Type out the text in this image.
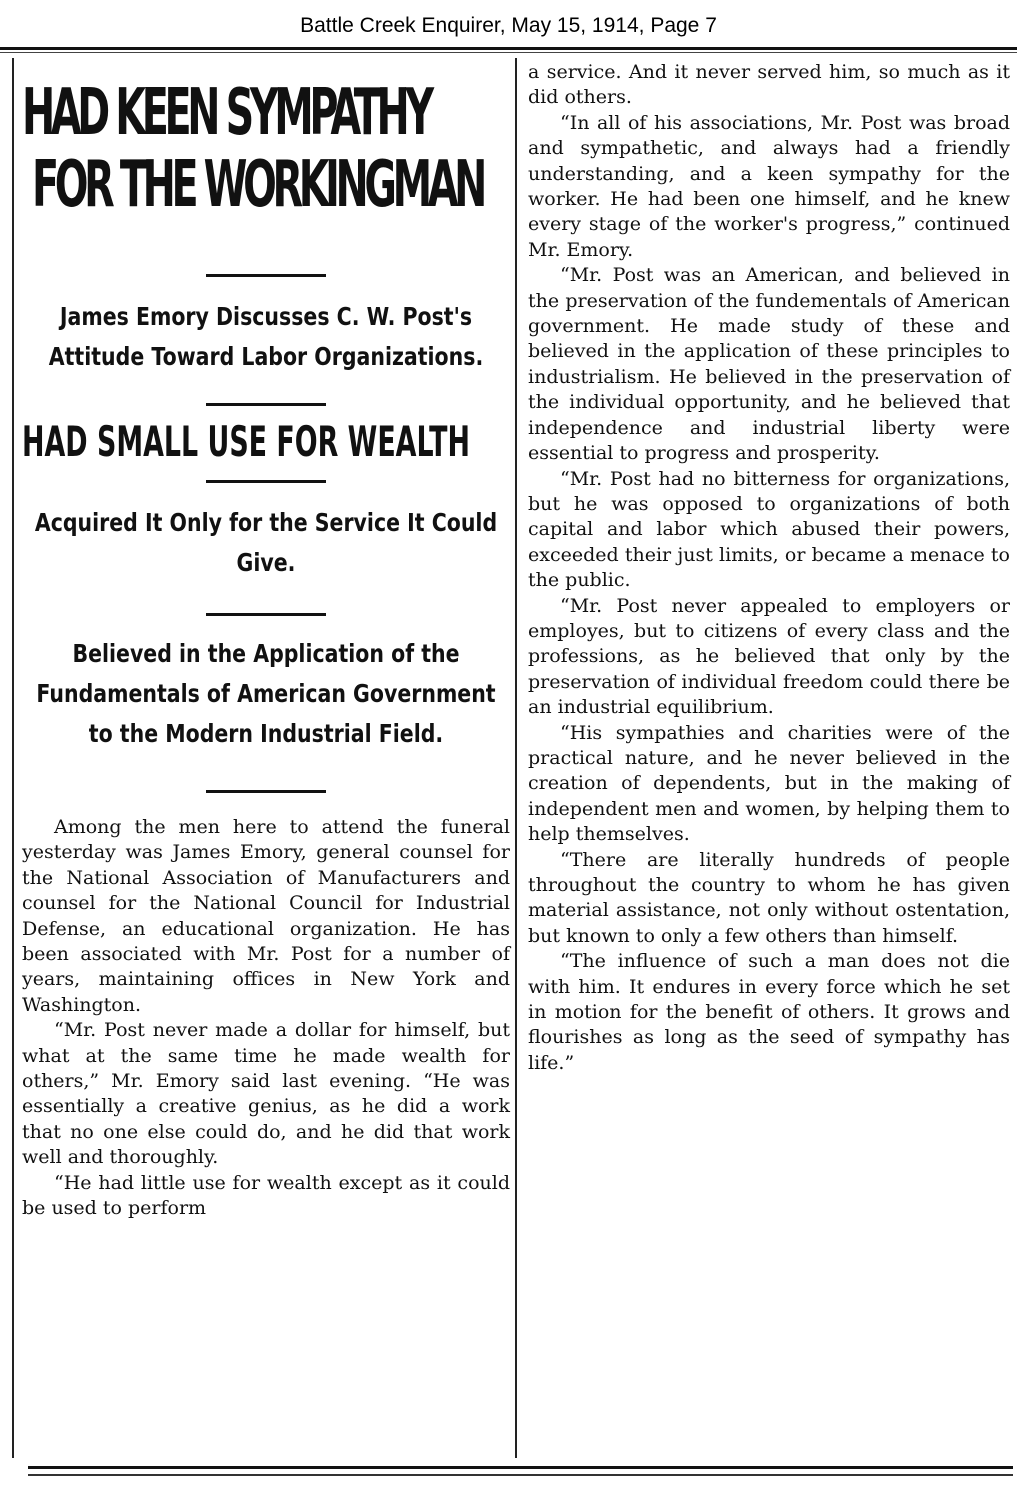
Battle Creek Enquirer, May 15, 1914, Page 7
HAD KEEN SYMPATHY
FOR THE WORKINGMAN
James Emory Discusses C. W. Post's Attitude Toward Labor Organizations.
HAD SMALL USE FOR WEALTH
Acquired It Only for the Service It Could Give.
Believed in the Application of the Fundamentals of American Government to the Modern Industrial Field.

Among the men here to attend the funeral yesterday was James Emory, general counsel for the National Association of Manufacturers and counsel for the National Council for Industrial Defense, an educational organization. He has been associated with Mr. Post for a number of years, maintaining offices in New York and Washington.

“Mr. Post never made a dollar for himself, but what at the same time he made wealth for others,” Mr. Emory said last evening. “He was essentially a creative genius, as he did a work that no one else could do, and he did that work well and thoroughly.

“He had little use for wealth except as it could be used to perform

a service. And it never served him, so much as it did others.

“In all of his associations, Mr. Post was broad and sympathetic, and always had a friendly understanding, and a keen sympathy for the worker. He had been one himself, and he knew every stage of the worker's progress,” continued Mr. Emory.

“Mr. Post was an American, and believed in the preservation of the fundementals of American government. He made study of these and believed in the application of these principles to industrialism. He believed in the preservation of the individual opportunity, and he believed that independence and industrial liberty were essential to progress and prosperity.

“Mr. Post had no bitterness for organizations, but he was opposed to organizations of both capital and labor which abused their powers, exceeded their just limits, or became a menace to the public.

“Mr. Post never appealed to employers or employes, but to citizens of every class and the professions, as he believed that only by the preservation of individual freedom could there be an industrial equilibrium.

“His sympathies and charities were of the practical nature, and he never believed in the creation of dependents, but in the making of independent men and women, by helping them to help themselves.

“There are literally hundreds of people throughout the country to whom he has given material assistance, not only without ostentation, but known to only a few others than himself.

“The influence of such a man does not die with him. It endures in every force which he set in motion for the benefit of others. It grows and flourishes as long as the seed of sympathy has life.”
